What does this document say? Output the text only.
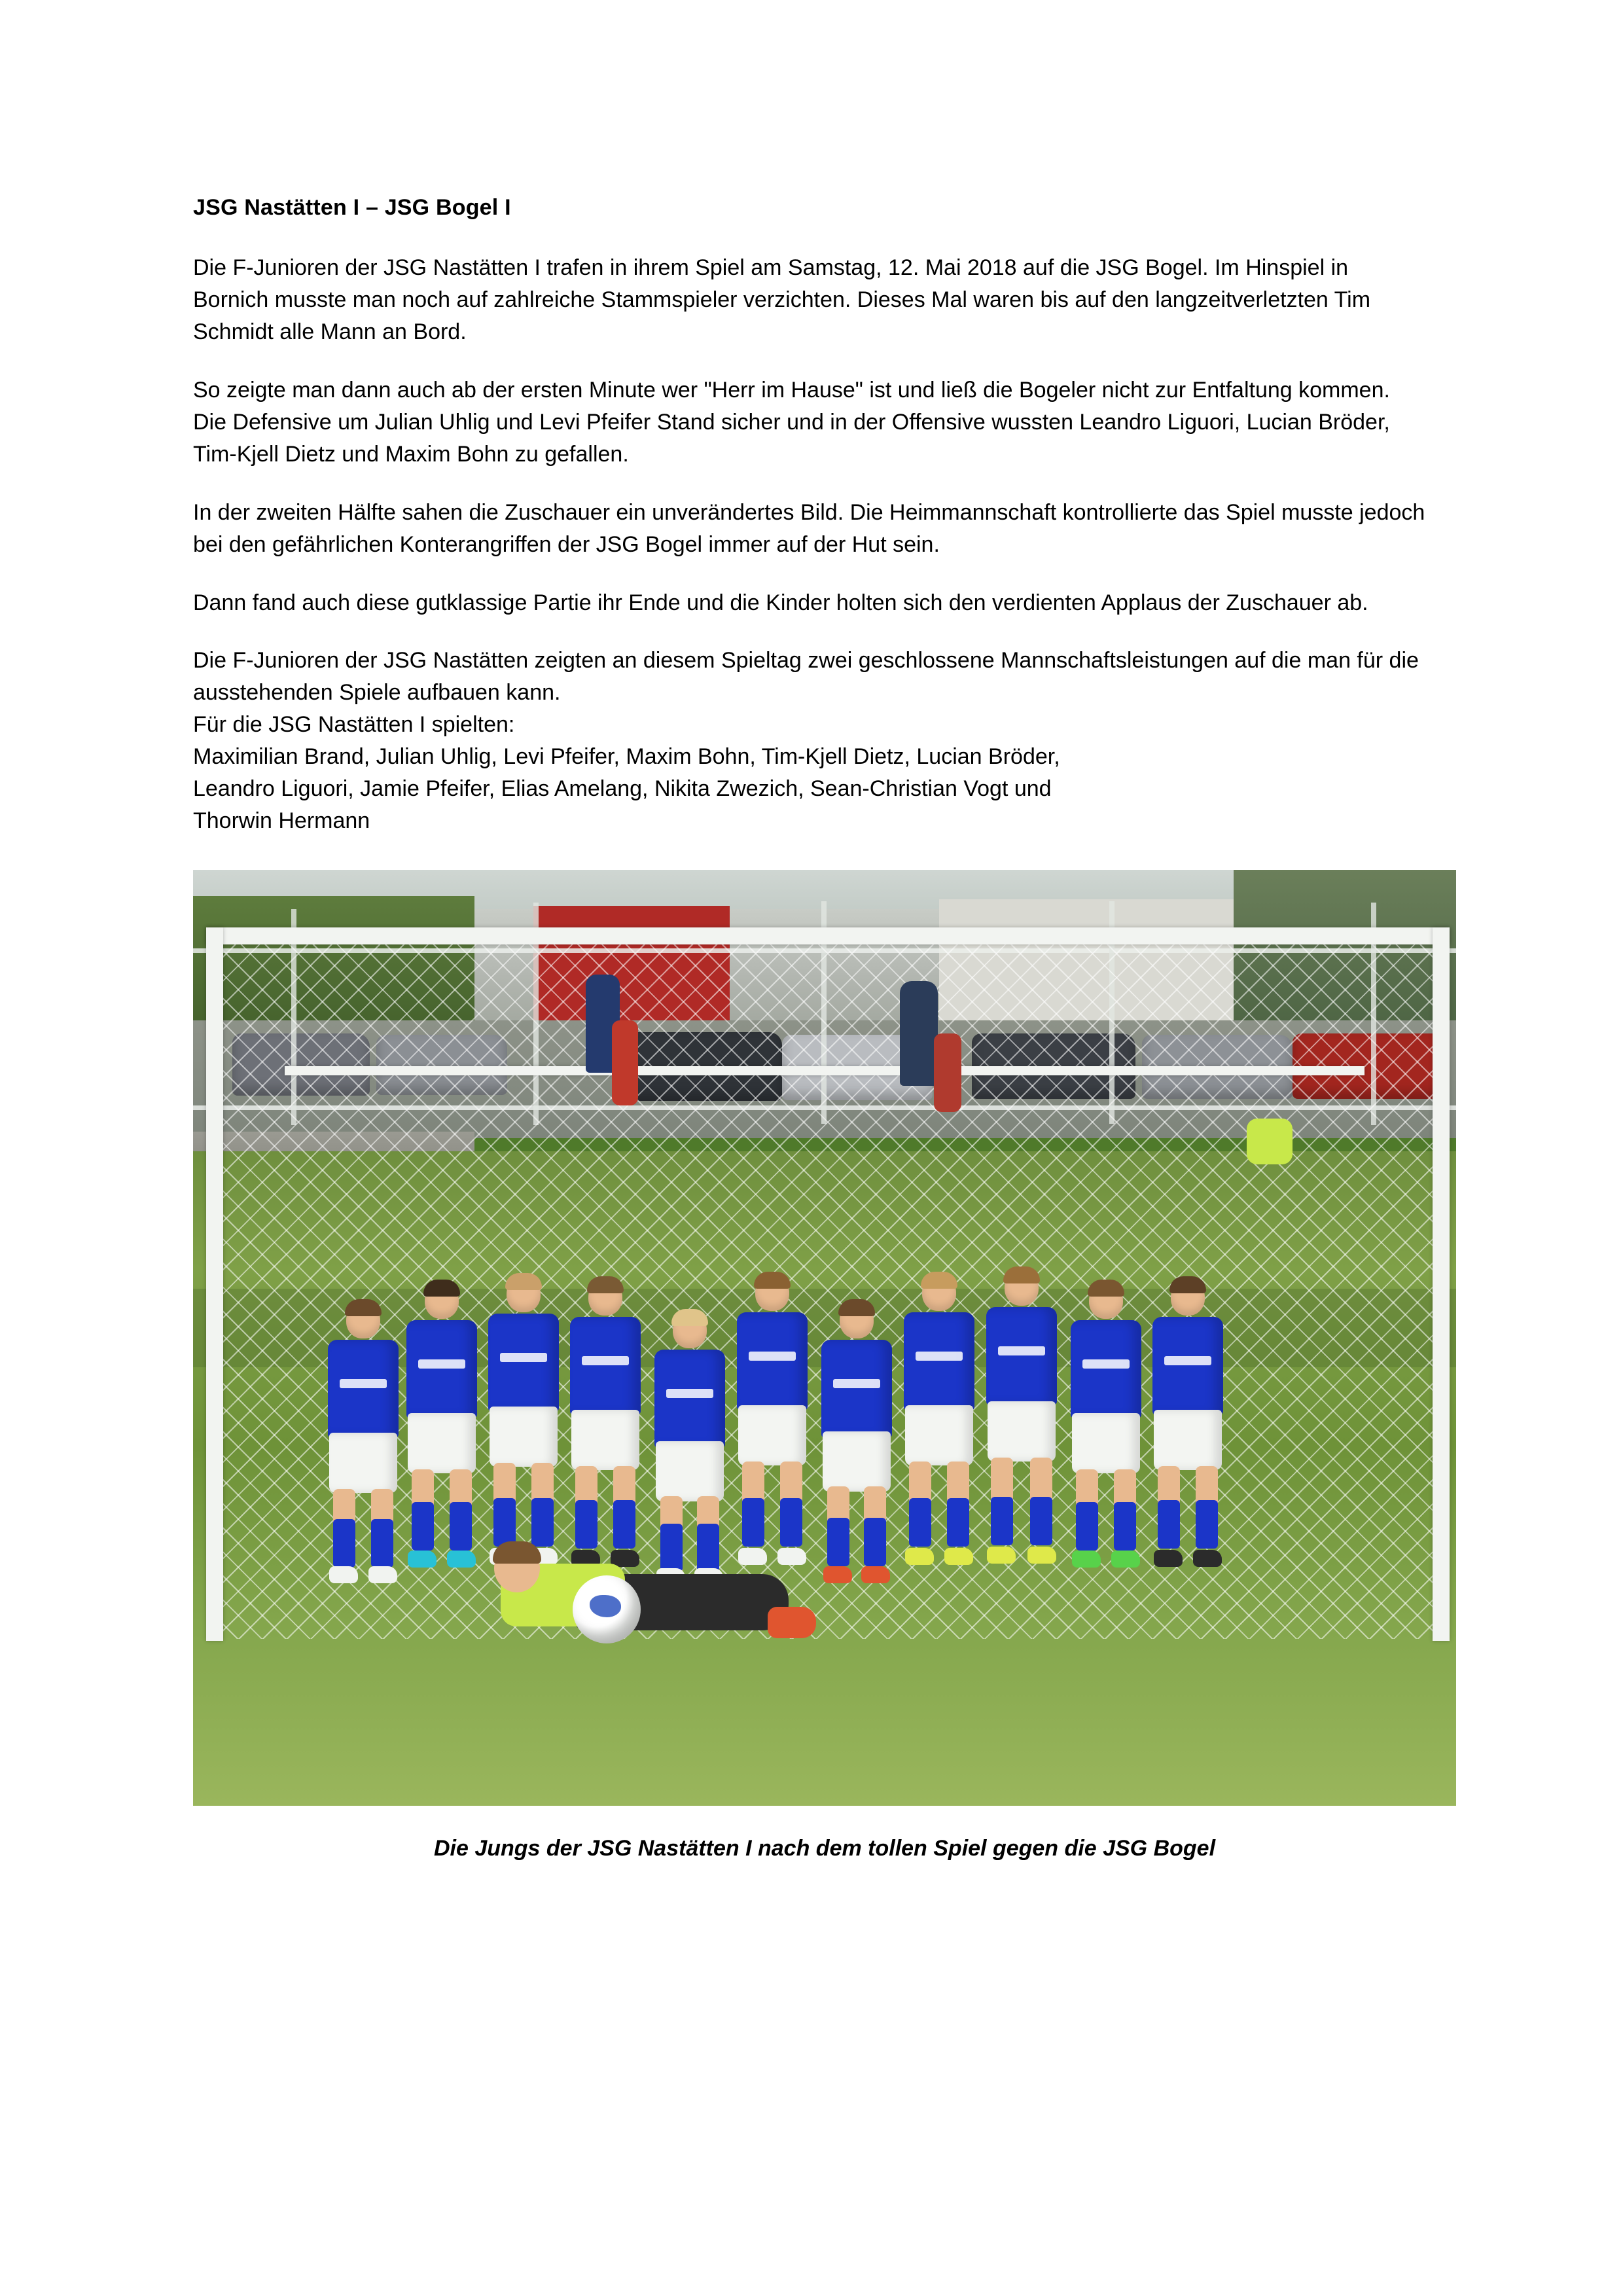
JSG Nastätten I – JSG Bogel I

Die F-Junioren der JSG Nastätten I trafen in ihrem Spiel am Samstag, 12. Mai 2018 auf die JSG Bogel. Im Hinspiel in Bornich musste man noch auf zahlreiche Stammspieler verzichten. Dieses Mal waren bis auf den langzeitverletzten Tim Schmidt alle Mann an Bord.

So zeigte man dann auch ab der ersten Minute wer "Herr im Hause" ist und ließ die Bogeler nicht zur Entfaltung kommen. Die Defensive um Julian Uhlig und Levi Pfeifer Stand sicher und in der Offensive wussten Leandro Liguori, Lucian Bröder, Tim-Kjell Dietz und Maxim Bohn zu gefallen.

In der zweiten Hälfte sahen die Zuschauer ein unverändertes Bild. Die Heimmannschaft kontrollierte das Spiel musste jedoch bei den gefährlichen Konterangriffen der JSG Bogel immer auf der Hut sein.

Dann fand auch diese gutklassige Partie ihr Ende und die Kinder holten sich den verdienten Applaus der Zuschauer ab.

Die F-Junioren der JSG Nastätten zeigten an diesem Spieltag zwei geschlossene Mannschaftsleistungen auf die man für die ausstehenden Spiele aufbauen kann.

Für die JSG Nastätten I spielten:
Maximilian Brand, Julian Uhlig, Levi Pfeifer, Maxim Bohn, Tim-Kjell Dietz, Lucian Bröder,
Leandro Liguori, Jamie Pfeifer, Elias Amelang, Nikita Zwezich, Sean-Christian Vogt und
Thorwin Hermann
Die Jungs der JSG Nastätten I nach dem tollen Spiel gegen die JSG Bogel
